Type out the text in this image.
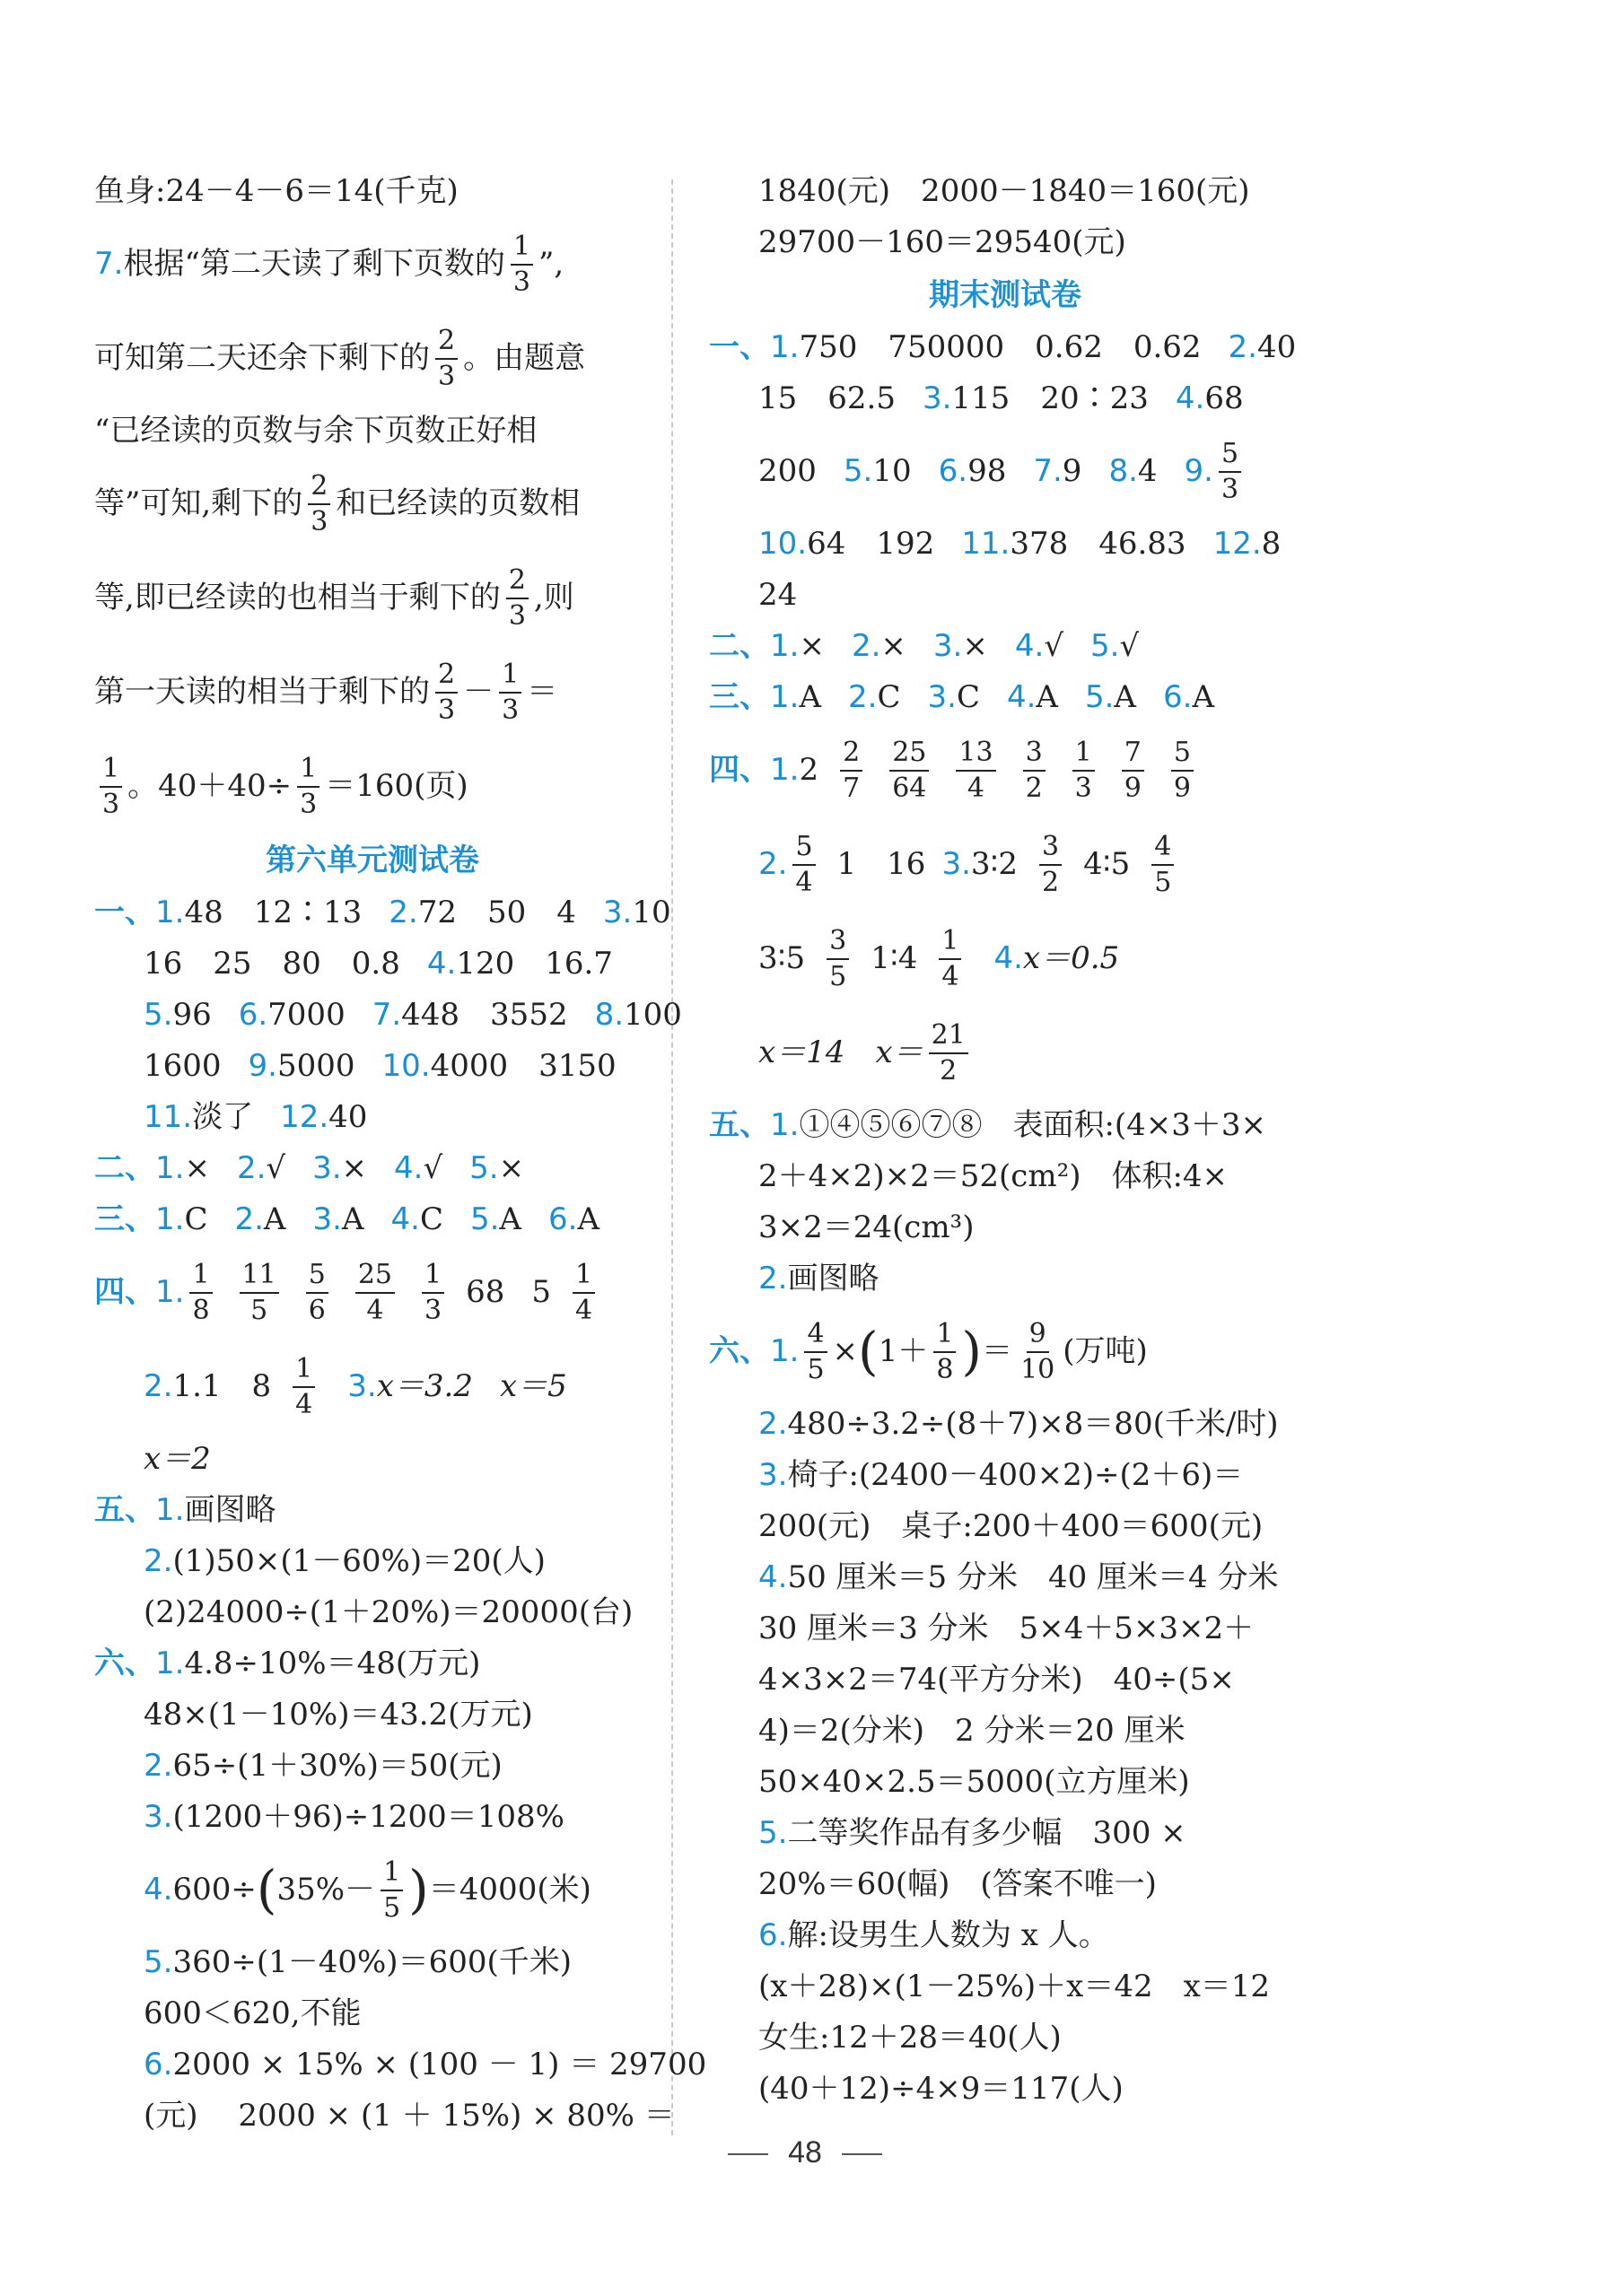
鱼身:24－4－6＝14(千克)
7. 根据“第二天读了剩下页数的 $\frac{1}{3}$ ”,
可知第二天还余下剩下的 $\frac{2}{3}$ 。由题意
“已经读的页数与余下页数正好相
等”可知,剩下的 $\frac{2}{3}$ 和已经读的页数相
等,即已经读的也相当于剩下的 $\frac{2}{3}$ ,则
第一天读的相当于剩下的 $\frac{2}{3} - \frac{1}{3}$ ＝
$\frac{1}{3}$ 。$40+40\div \frac{1}{3} =160$(页)
第六单元测试卷
一、1.48　12∶13 2.72　50　4 3.10
16　25　80　0.8 4.120　16.7
5.96 6.7000 7.448　3552 8.100
1600 9.5000 10.4000　3150
11.淡了 12.40
二、1.× 2.√ 3.× 4.√ 5.×
三、1.C 2.A 3.A 4.C 5.A 6.A
四、 1. $\frac{1}{8} \frac{11}{5} \frac{5}{6} \frac{25}{4} \frac{1}{3} 68$ $5 \frac{1}{4}$
2. 1.1　$8 \frac{1}{4} 3$. x＝3.2 x＝5
x＝2
五、1.画图略
2.(1)50×(1－60%)＝20(人)
(2)24000÷(1＋20%)＝20000(台)
六、1.4.8÷10%＝48(万元)
48×(1－10%)＝43.2(万元)
2.65÷(1＋30%)＝50(元)
3.(1200＋96)÷1200＝108%
4. 600÷ ( $35\%- \frac{1}{5}$ ) ＝4000(米)
5.360÷(1－40%)＝600(千米)
600＜620,不能
6.2000 × 15% × (100 － 1) ＝ 29700
(元)　 2000 × (1 ＋ 15%) × 80% ＝
1840(元)　2000－1840＝160(元)
29700－160＝29540(元)
期末测试卷
一、1.750　750000　0.62　0.62 2.40
15　62.5 3.115　20∶23 4.68
200 5. 10 6. 98 7. 9 8. 4 9. $\frac{5}{3}$
10.64　192 11.378　46.83 12.8
24
二、1.× 2.× 3.× 4.√ 5.√
三、1.A 2.C 3.C 4.A 5.A 6.A
四、 1. $2 \frac{2}{7} \frac{25}{64} \frac{13}{4} \frac{3}{2} \frac{1}{3} \frac{7}{9} \frac{5}{9}$
2. $\frac{5}{4} 1$　16 3. 3∶2 $\frac{3}{2}$ 4∶5 $\frac{4}{5}$
3∶5 $\frac{3}{5}$ 1∶4 $\frac{1}{4} 4$. x＝0.5
x＝14　$x= \frac{21}{2}$
五、1.①④⑤⑥⑦⑧　表面积:(4×3＋3×
2＋4×2)×2＝52(cm²)　体积:4×
3×2＝24(cm³)
2.画图略
六、 1. $\frac{4}{5}$ × ( $1+ \frac{1}{8}$ ) ＝ $\frac{9}{10}$ (万吨)
2.480÷3.2÷(8＋7)×8＝80(千米/时)
3.椅子:(2400－400×2)÷(2＋6)＝
200(元)　桌子:200＋400＝600(元)
4.50 厘米＝5 分米　40 厘米＝4 分米
30 厘米＝3 分米　5×4＋5×3×2＋
4×3×2＝74(平方分米)　40÷(5×
4)＝2(分米)　2 分米＝20 厘米
50×40×2.5＝5000(立方厘米)
5.二等奖作品有多少幅　300 ×
20%＝60(幅)　(答案不唯一)
6.解:设男生人数为 x 人。
(x＋28)×(1－25%)＋x＝42　x＝12
女生:12＋28＝40(人)
(40＋12)÷4×9＝117(人)
48
